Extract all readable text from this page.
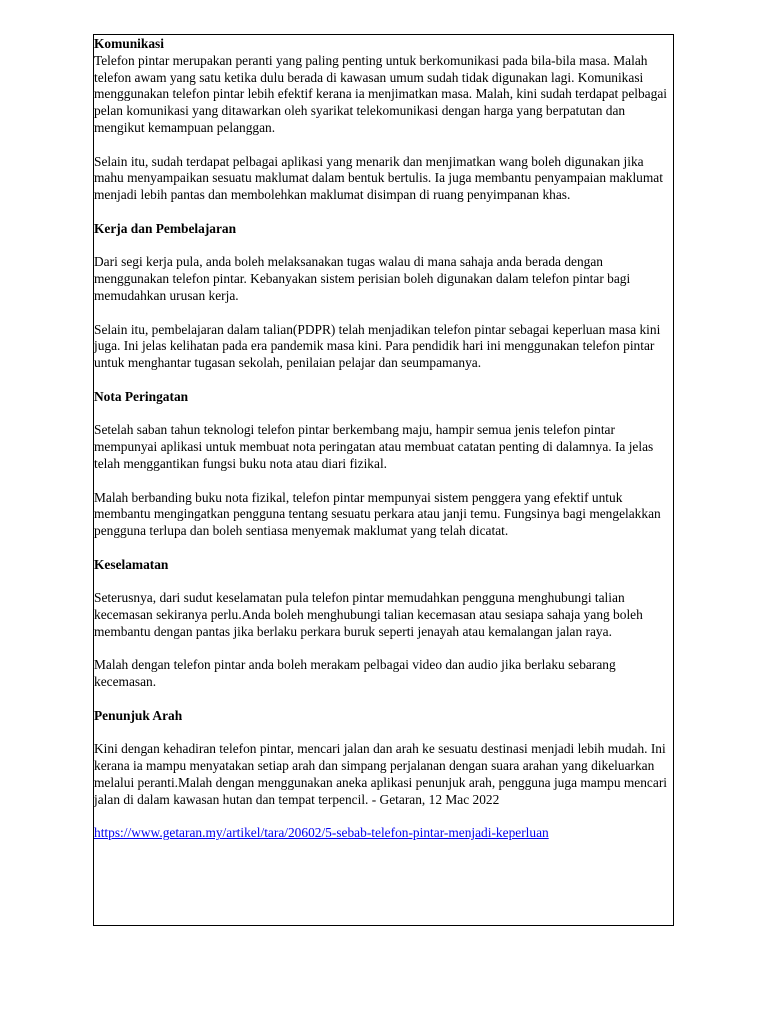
Komunikasi

Telefon pintar merupakan peranti yang paling penting untuk berkomunikasi pada bila-bila masa. Malah telefon awam yang satu ketika dulu berada di kawasan umum sudah tidak digunakan lagi. Komunikasi menggunakan telefon pintar lebih efektif kerana ia menjimatkan masa. Malah, kini sudah terdapat pelbagai pelan komunikasi yang ditawarkan oleh syarikat telekomunikasi dengan harga yang berpatutan dan mengikut kemampuan pelanggan.

Selain itu, sudah terdapat pelbagai aplikasi yang menarik dan menjimatkan wang boleh digunakan jika mahu menyampaikan sesuatu maklumat dalam bentuk bertulis. Ia juga membantu penyampaian maklumat menjadi lebih pantas dan membolehkan maklumat disimpan di ruang penyimpanan khas.

Kerja dan Pembelajaran

Dari segi kerja pula, anda boleh melaksanakan tugas walau di mana sahaja anda berada dengan menggunakan telefon pintar. Kebanyakan sistem perisian boleh digunakan dalam telefon pintar bagi memudahkan urusan kerja.

Selain itu, pembelajaran dalam talian(PDPR) telah menjadikan telefon pintar sebagai keperluan masa kini juga. Ini jelas kelihatan pada era pandemik masa kini. Para pendidik hari ini menggunakan telefon pintar untuk menghantar tugasan sekolah, penilaian pelajar dan seumpamanya.

Nota Peringatan

Setelah saban tahun teknologi telefon pintar berkembang maju, hampir semua jenis telefon pintar mempunyai aplikasi untuk membuat nota peringatan atau membuat catatan penting di dalamnya. Ia jelas telah menggantikan fungsi buku nota atau diari fizikal.

Malah berbanding buku nota fizikal, telefon pintar mempunyai sistem penggera yang efektif untuk membantu mengingatkan pengguna tentang sesuatu perkara atau janji temu. Fungsinya bagi mengelakkan pengguna terlupa dan boleh sentiasa menyemak maklumat yang telah dicatat.

Keselamatan

Seterusnya, dari sudut keselamatan pula telefon pintar memudahkan pengguna menghubungi talian kecemasan sekiranya perlu.Anda boleh menghubungi talian kecemasan atau sesiapa sahaja yang boleh membantu dengan pantas jika berlaku perkara buruk seperti jenayah atau kemalangan jalan raya.

Malah dengan telefon pintar anda boleh merakam pelbagai video dan audio jika berlaku sebarang kecemasan.

Penunjuk Arah

Kini dengan kehadiran telefon pintar, mencari jalan dan arah ke sesuatu destinasi menjadi lebih mudah. Ini kerana ia mampu menyatakan setiap arah dan simpang perjalanan dengan suara arahan yang dikeluarkan melalui peranti.Malah dengan menggunakan aneka aplikasi penunjuk arah, pengguna juga mampu mencari jalan di dalam kawasan hutan dan tempat terpencil. - Getaran, 12 Mac 2022

https://www.getaran.my/artikel/tara/20602/5-sebab-telefon-pintar-menjadi-keperluan
